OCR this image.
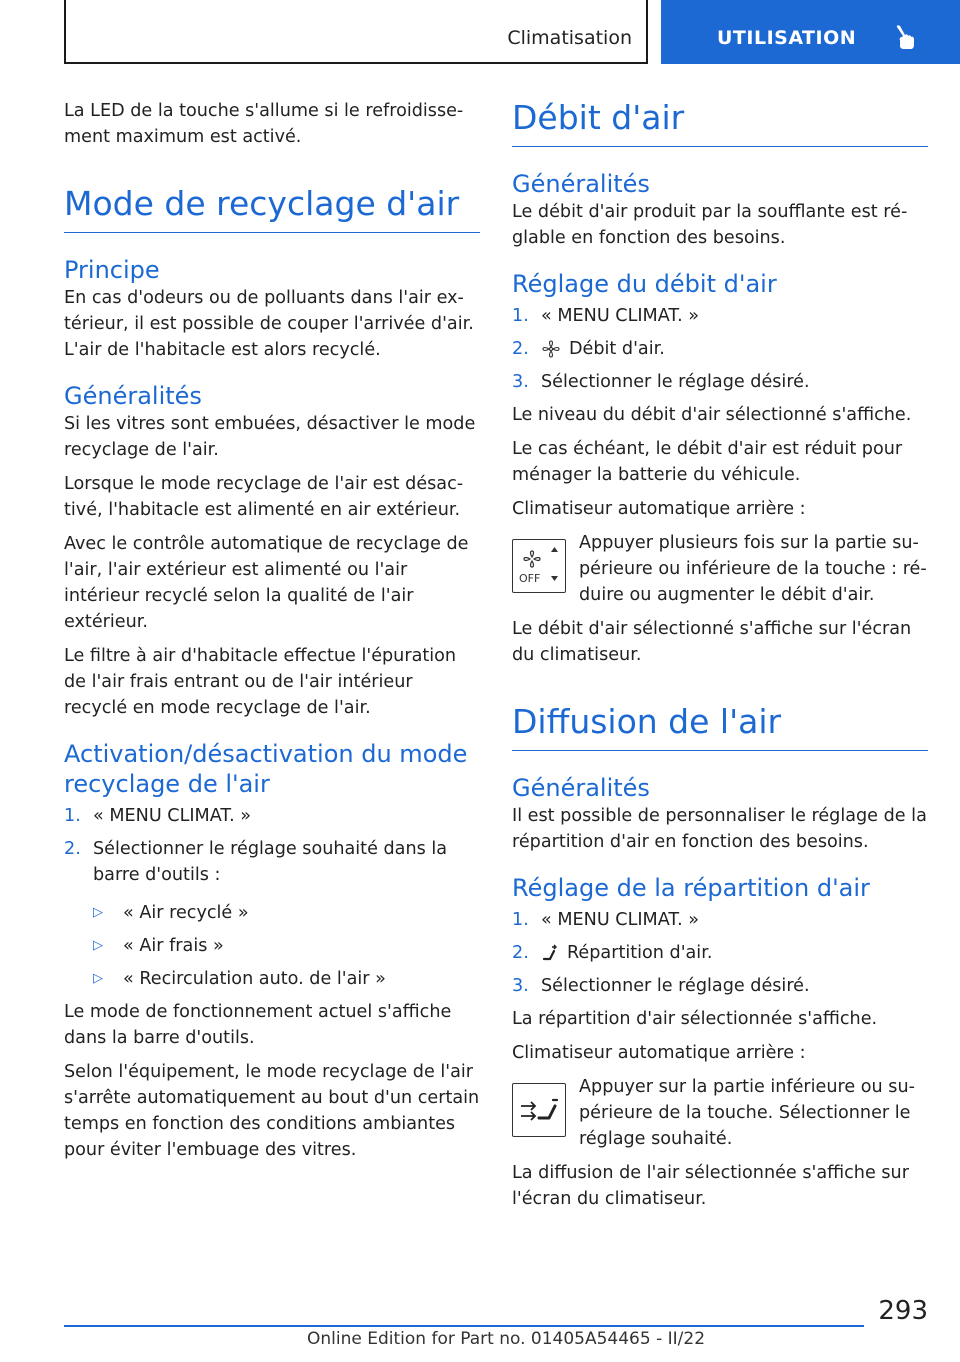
Climatisation	UTILISATION

La LED de la touche s'allume si le refroidisse-ment maximum est activé.

Mode de recyclage d'air
Principe

En cas d'odeurs ou de polluants dans l'air ex-térieur, il est possible de couper l'arrivée d'air. L'air de l'habitacle est alors recyclé.

Généralités

Si les vitres sont embuées, désactiver le mode recyclage de l'air.

Lorsque le mode recyclage de l'air est désac-tivé, l'habitacle est alimenté en air extérieur.

Avec le contrôle automatique de recyclage de l'air, l'air extérieur est alimenté ou l'air intérieur recyclé selon la qualité de l'air extérieur.

Le filtre à air d'habitacle effectue l'épuration de l'air frais entrant ou de l'air intérieur recyclé en mode recyclage de l'air.

Activation/désactivation du mode recyclage de l'air
1. « MENU CLIMAT. »
2. Sélectionner le réglage souhaité dans la barre d'outils :
▷	« Air recyclé »
▷	« Air frais »
▷	« Recirculation auto. de l'air »

Le mode de fonctionnement actuel s'affiche dans la barre d'outils.

Selon l'équipement, le mode recyclage de l'air s'arrête automatiquement au bout d'un certain temps en fonction des conditions ambiantes pour éviter l'embuage des vitres.

Débit d'air
Généralités

Le débit d'air produit par la soufflante est ré-glable en fonction des besoins.

Réglage du débit d'air
1. « MENU CLIMAT. »
2.	Débit d'air.
3. Sélectionner le réglage désiré.

Le niveau du débit d'air sélectionné s'affiche.

Le cas échéant, le débit d'air est réduit pour ménager la batterie du véhicule.

Climatiseur automatique arrière :

OFF
Appuyer plusieurs fois sur la partie su-périeure ou inférieure de la touche : ré-duire ou augmenter le débit d'air.

Le débit d'air sélectionné s'affiche sur l'écran du climatiseur.

Diffusion de l'air
Généralités

Il est possible de personnaliser le réglage de la répartition d'air en fonction des besoins.

Réglage de la répartition d'air
1. « MENU CLIMAT. »
2.	Répartition d'air.
3. Sélectionner le réglage désiré.

La répartition d'air sélectionnée s'affiche.

Climatiseur automatique arrière :

Appuyer sur la partie inférieure ou su-périeure de la touche. Sélectionner le réglage souhaité.

La diffusion de l'air sélectionnée s'affiche sur l'écran du climatiseur.

293
Online Edition for Part no. 01405A54465 - II/22
